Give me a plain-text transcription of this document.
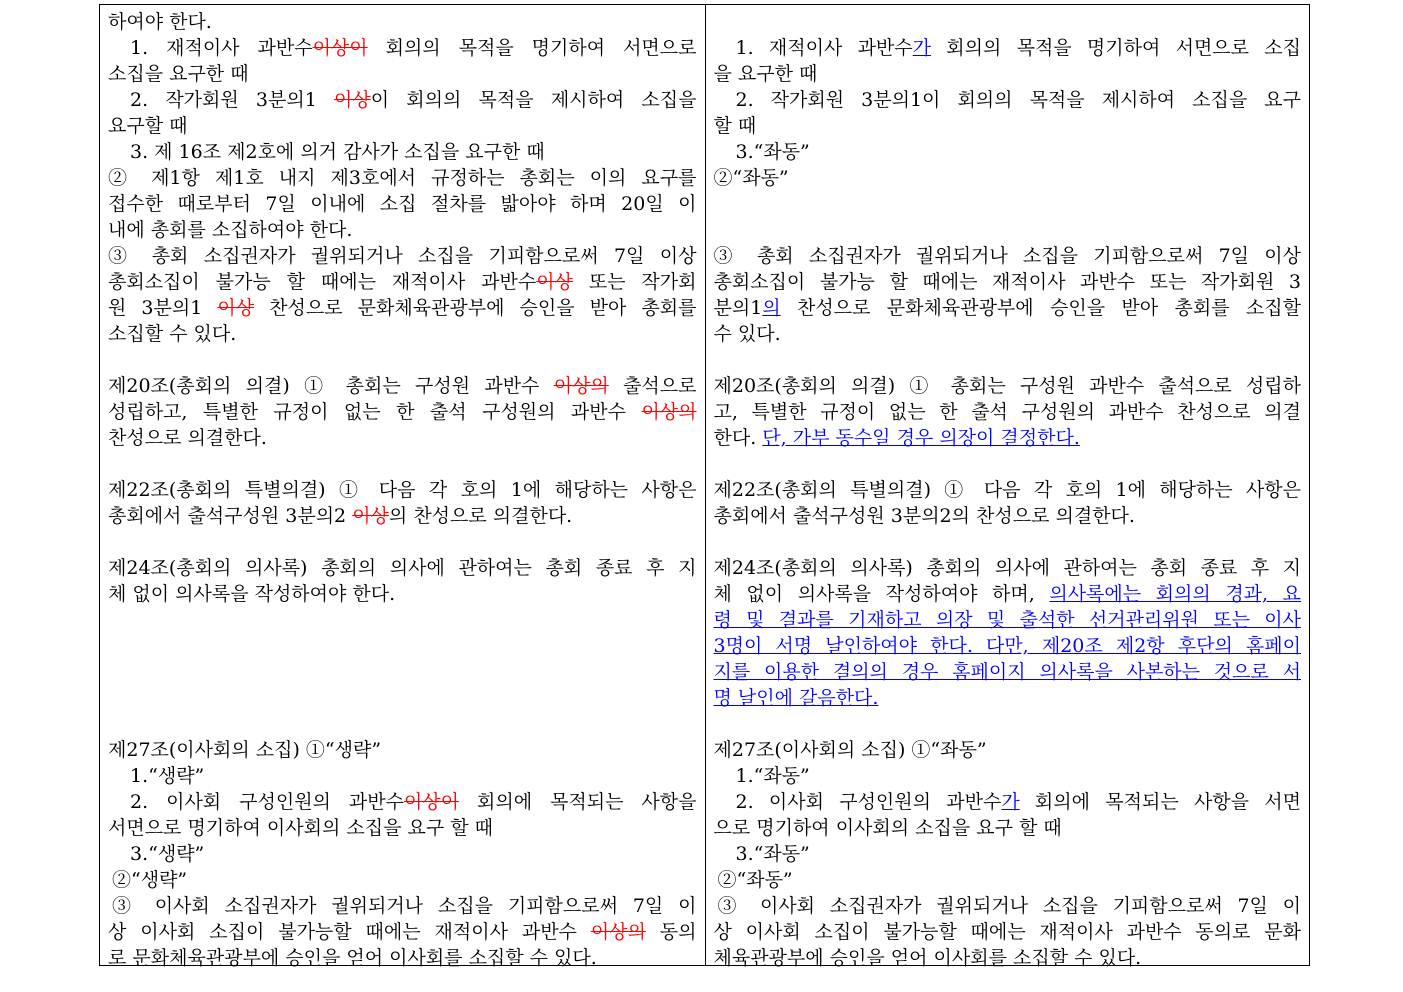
하여야 한다.
1. 재적이사 과반수이상이 회의의 목적을 명기하여 서면으로
소집을 요구한 때
2. 작가회원 3분의1 이상이 회의의 목적을 제시하여 소집을
요구할 때
3. 제 16조 제2호에 의거 감사가 소집을 요구한 때
② 제1항 제1호 내지 제3호에서 규정하는 총회는 이의 요구를
접수한 때로부터 7일 이내에 소집 절차를 밟아야 하며 20일 이
내에 총회를 소집하여야 한다.
③ 총회 소집권자가 궐위되거나 소집을 기피함으로써 7일 이상
총회소집이 불가능 할 때에는 재적이사 과반수이상 또는 작가회
원 3분의1 이상 찬성으로 문화체육관광부에 승인을 받아 총회를
소집할 수 있다.
제20조(총회의 의결) ① 총회는 구성원 과반수 이상의 출석으로
성립하고, 특별한 규정이 없는 한 출석 구성원의 과반수 이상의
찬성으로 의결한다.
제22조(총회의 특별의결) ① 다음 각 호의 1에 해당하는 사항은
총회에서 출석구성원 3분의2 이상의 찬성으로 의결한다.
제24조(총회의 의사록) 총회의 의사에 관하여는 총회 종료 후 지
체 없이 의사록을 작성하여야 한다.
제27조(이사회의 소집) ①“생략”
1.“생략”
2. 이사회 구성인원의 과반수이상이 회의에 목적되는 사항을
서면으로 명기하여 이사회의 소집을 요구 할 때
3.“생략”
②“생략”
③ 이사회 소집권자가 궐위되거나 소집을 기피함으로써 7일 이
상 이사회 소집이 불가능할 때에는 재적이사 과반수 이상의 동의
로 문화체육관광부에 승인을 얻어 이사회를 소집할 수 있다.
1. 재적이사 과반수가 회의의 목적을 명기하여 서면으로 소집
을 요구한 때
2. 작가회원 3분의1이 회의의 목적을 제시하여 소집을 요구
할 때
3.“좌동”
②“좌동”
③ 총회 소집권자가 궐위되거나 소집을 기피함으로써 7일 이상
총회소집이 불가능 할 때에는 재적이사 과반수 또는 작가회원 3
분의1의 찬성으로 문화체육관광부에 승인을 받아 총회를 소집할
수 있다.
제20조(총회의 의결) ① 총회는 구성원 과반수 출석으로 성립하
고, 특별한 규정이 없는 한 출석 구성원의 과반수 찬성으로 의결
한다. 단, 가부 동수일 경우 의장이 결정한다.
제22조(총회의 특별의결) ① 다음 각 호의 1에 해당하는 사항은
총회에서 출석구성원 3분의2의 찬성으로 의결한다.
제24조(총회의 의사록) 총회의 의사에 관하여는 총회 종료 후 지
체 없이 의사록을 작성하여야 하며, 의사록에는 회의의 경과, 요
령 및 결과를 기재하고 의장 및 출석한 선거관리위원 또는 이사
3명이 서명 날인하여야 한다. 다만, 제20조 제2항 후단의 홈페이
지를 이용한 결의의 경우 홈페이지 의사록을 사본하는 것으로 서
명 날인에 갈음한다.
제27조(이사회의 소집) ①“좌동”
1.“좌동”
2. 이사회 구성인원의 과반수가 회의에 목적되는 사항을 서면
으로 명기하여 이사회의 소집을 요구 할 때
3.“좌동”
②“좌동”
③ 이사회 소집권자가 궐위되거나 소집을 기피함으로써 7일 이
상 이사회 소집이 불가능할 때에는 재적이사 과반수 동의로 문화
체육관광부에 승인을 얻어 이사회를 소집할 수 있다.
